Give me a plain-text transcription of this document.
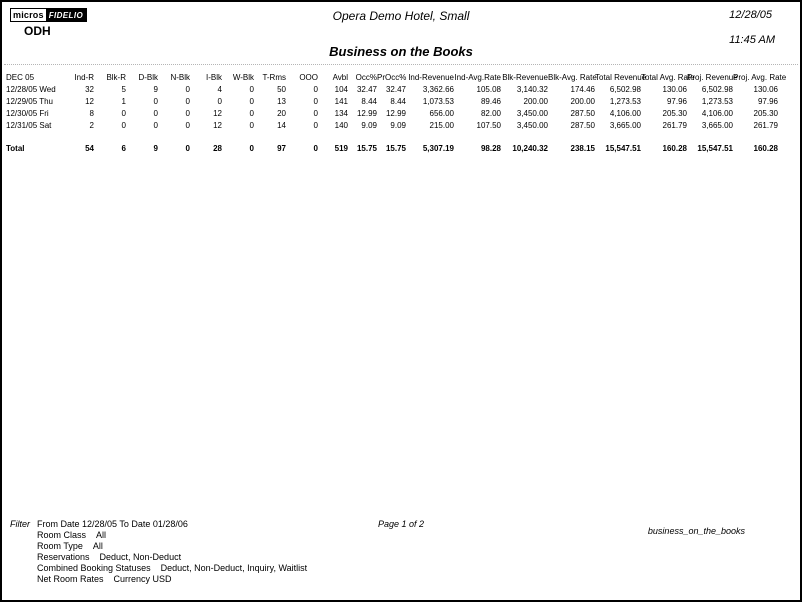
micros FIDELIO
ODH
Opera Demo Hotel, Small	12/28/05
11:45 AM
Business on the Books
DEC 05	Ind-R	Blk-R	D-Blk	N-Blk	I-Blk	W-Blk	T-Rms	OOO	Avbl	Occ%	PrOcc%	Ind-Revenue	Ind-Avg.Rate	Blk-Revenue	Blk-Avg. Rate	Total Revenue	Total Avg. Rate	Proj. Revenue	Proj. Avg. Rate
12/28/05 Wed	32	5	9	0	4	0	50	0	104	32.47	32.47	3,362.66	105.08	3,140.32	174.46	6,502.98	130.06	6,502.98	130.06
12/29/05 Thu	12	1	0	0	0	0	13	0	141	8.44	8.44	1,073.53	89.46	200.00	200.00	1,273.53	97.96	1,273.53	97.96
12/30/05 Fri	8	0	0	0	12	0	20	0	134	12.99	12.99	656.00	82.00	3,450.00	287.50	4,106.00	205.30	4,106.00	205.30
12/31/05 Sat	2	0	0	0	12	0	14	0	140	9.09	9.09	215.00	107.50	3,450.00	287.50	3,665.00	261.79	3,665.00	261.79
Total	54	6	9	0	28	0	97	0	519	15.75	15.75	5,307.19	98.28	10,240.32	238.15	15,547.51	160.28	15,547.51	160.28
Filter From Date 12/28/05 To Date 01/28/06
Room Class All
Room Type All
Reservations Deduct, Non-Deduct
Combined Booking Statuses Deduct, Non-Deduct, Inquiry, Waitlist
Net Room Rates Currency USD
Page 1 of 2
business_on_the_books
